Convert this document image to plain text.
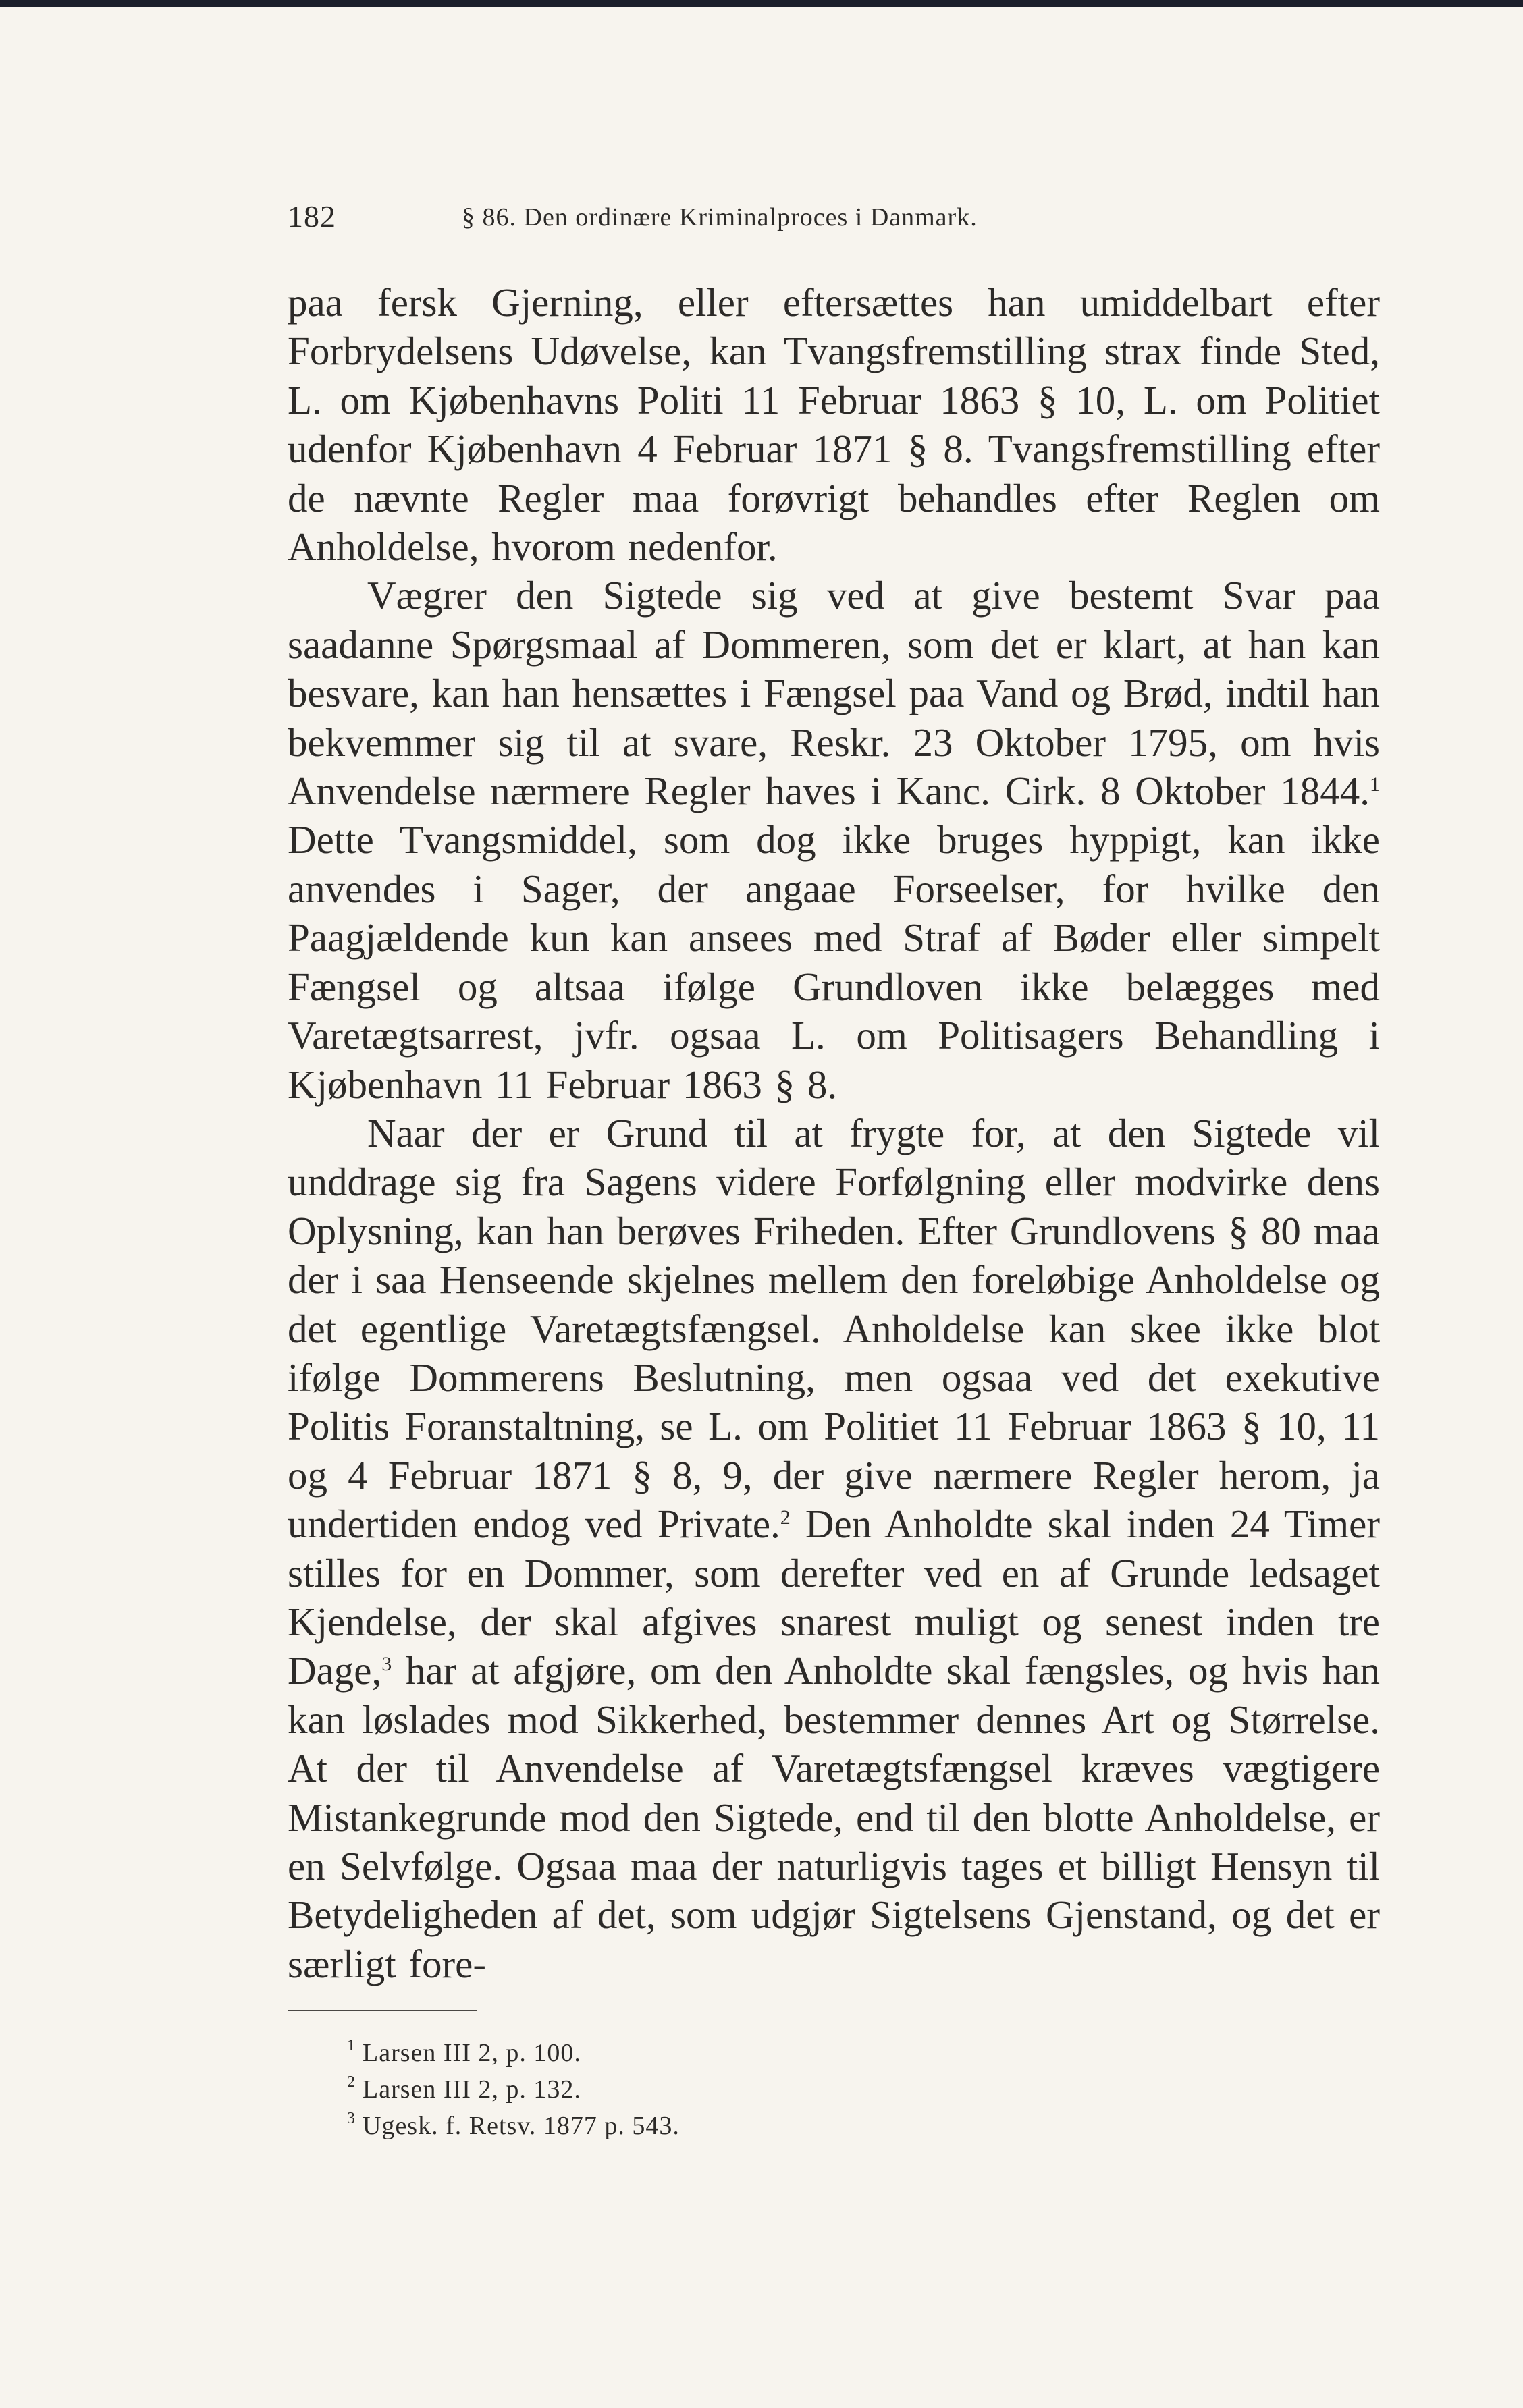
182	§ 86. Den ordinære Kriminalproces i Danmark.

paa fersk Gjerning, eller eftersættes han umiddelbart efter Forbrydelsens Udøvelse, kan Tvangsfremstilling strax finde Sted, L. om Kjøbenhavns Politi 11 Februar 1863 § 10, L. om Politiet udenfor Kjøbenhavn 4 Februar 1871 § 8. Tvangsfremstilling efter de nævnte Regler maa forøvrigt behandles efter Reglen om Anholdelse, hvorom nedenfor.

Vægrer den Sigtede sig ved at give bestemt Svar paa saadanne Spørgsmaal af Dommeren, som det er klart, at han kan besvare, kan han hensættes i Fængsel paa Vand og Brød, indtil han bekvemmer sig til at svare, Reskr. 23 Oktober 1795, om hvis Anvendelse nærmere Regler haves i Kanc. Cirk. 8 Oktober 1844.$^1$ Dette Tvangsmiddel, som dog ikke bruges hyppigt, kan ikke anvendes i Sager, der angaae Forseelser, for hvilke den Paagjældende kun kan ansees med Straf af Bøder eller simpelt Fængsel og altsaa ifølge Grundloven ikke belægges med Varetægtsarrest, jvfr. ogsaa L. om Politisagers Behandling i Kjøbenhavn 11 Februar 1863 § 8.

Naar der er Grund til at frygte for, at den Sigtede vil unddrage sig fra Sagens videre Forfølgning eller modvirke dens Oplysning, kan han berøves Friheden. Efter Grundlovens § 80 maa der i saa Henseende skjelnes mellem den foreløbige Anholdelse og det egentlige Varetægtsfængsel. Anholdelse kan skee ikke blot ifølge Dommerens Beslutning, men ogsaa ved det exekutive Politis Foranstaltning, se L. om Politiet 11 Februar 1863 § 10, 11 og 4 Februar 1871 § 8, 9, der give nærmere Regler herom, ja undertiden endog ved Private.$^2$ Den Anholdte skal inden 24 Timer stilles for en Dommer, som derefter ved en af Grunde ledsaget Kjendelse, der skal afgives snarest muligt og senest inden tre Dage,$^3$ har at afgjøre, om den Anholdte skal fængsles, og hvis han kan løslades mod Sikkerhed, bestemmer dennes Art og Størrelse. At der til Anvendelse af Varetægtsfængsel kræves vægtigere Mistankegrunde mod den Sigtede, end til den blotte Anholdelse, er en Selvfølge. Ogsaa maa der naturligvis tages et billigt Hensyn til Betydeligheden af det, som udgjør Sigtelsens Gjenstand, og det er særligt fore-

$^1$ Larsen III 2, p. 100.
$^2$ Larsen III 2, p. 132.
$^3$ Ugesk. f. Retsv. 1877 p. 543.
